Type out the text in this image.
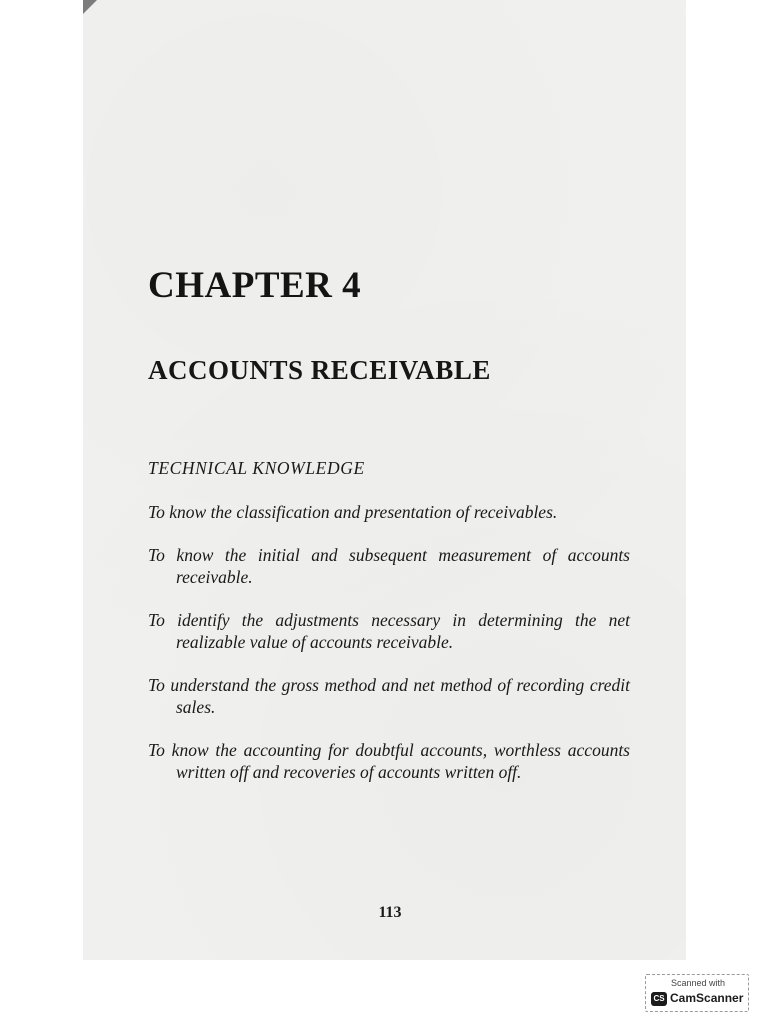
CHAPTER 4
ACCOUNTS RECEIVABLE

TECHNICAL KNOWLEDGE

To know the classification and presentation of receivables.
To know the initial and subsequent measurement of accounts receivable.
To identify the adjustments necessary in determining the net realizable value of accounts receivable.
To understand the gross method and net method of recording credit sales.
To know the accounting for doubtful accounts, worthless accounts written off and recoveries of accounts written off.
113
Scanned with
CS CamScanner
